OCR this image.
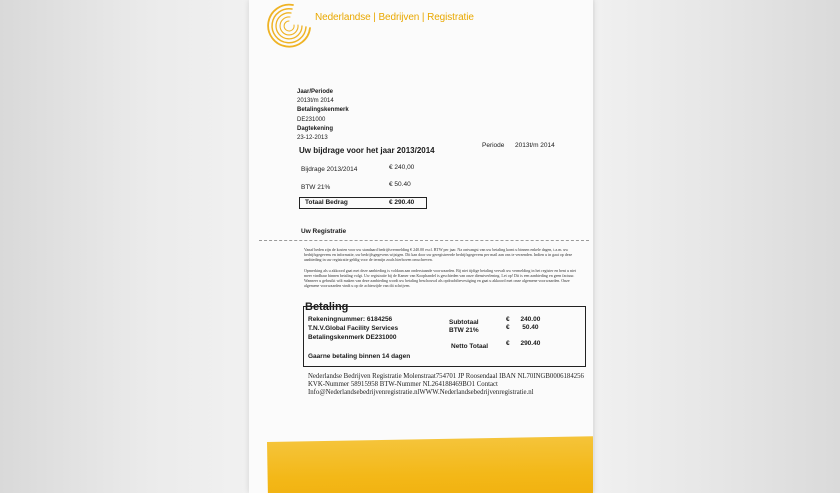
Nederlandse | Bedrijven | Registratie
Jaar/Periode
2013t/m 2014
Betalingskenmerk
DE231000
Dagtekening
23-12-2013
Uw bijdrage voor het jaar 2013/2014
Periode 2013t/m 2014
Bijdrage 2013/2014	€ 240,00
BTW 21%	€ 50.40
Totaal Bedrag	€ 290.40
Uw Registratie
Vanaf heden zijn de kosten voor uw standaard bedrijfsvermelding € 240.00 excl. BTW per jaar. Na ontvangst van uw betaling komt u binnen enkele dagen, t.a.m. uw bedrijfsgegevens en informatie, uw bedrijfsgegevens wijzigen. Dit kan door uw geregistreerde bedrijfsgegevens per mail aan ons te verzenden. Indien u in gaat op deze aanbieding in uw registratie geldig voor de termijn zoals hierboven omschreven.
Opmerking als u akkoord gaat met deze aanbieding is voldaan aan onderstaande voorwaarden. Bij niet tijdige betaling vervalt uw vermelding in het register en bent u niet meer vindbaar binnen betaling volgt. Uw registratie bij de Kamer van Koophandel is geschieden van onze dienstverlening. Let op! Dit is een aanbieding en geen factuur. Wanneer u gebruikt wilt maken van deze aanbieding wordt uw betaling beschouwd als opdrachtbevestiging en gaat u akkoord met onze algemene voorwaarden. Onze algemene voorwaarden vindt u op de achterzijde van dit schrijven.
Betaling
Rekeningnummer: 6184256
T.N.V.Global Facility Services
Betalingskenmerk DE231000
Gaarne betaling binnen 14 dagen
Subtotaal	€      240.00
BTW 21%	€       50.40
Netto Totaal	€      290.40
Nederlandse Bedrijven Registratie Molenstraat754701 JP Roosendaal IBAN NL70INGB0006184256
KVK-Nummer 58915958 BTW-Nummer NL264188469BO1 Contact
Info@Nederlandsebedrijvenregistratie.nlWWW.Nederlandsebedrijvenregistratie.nl
